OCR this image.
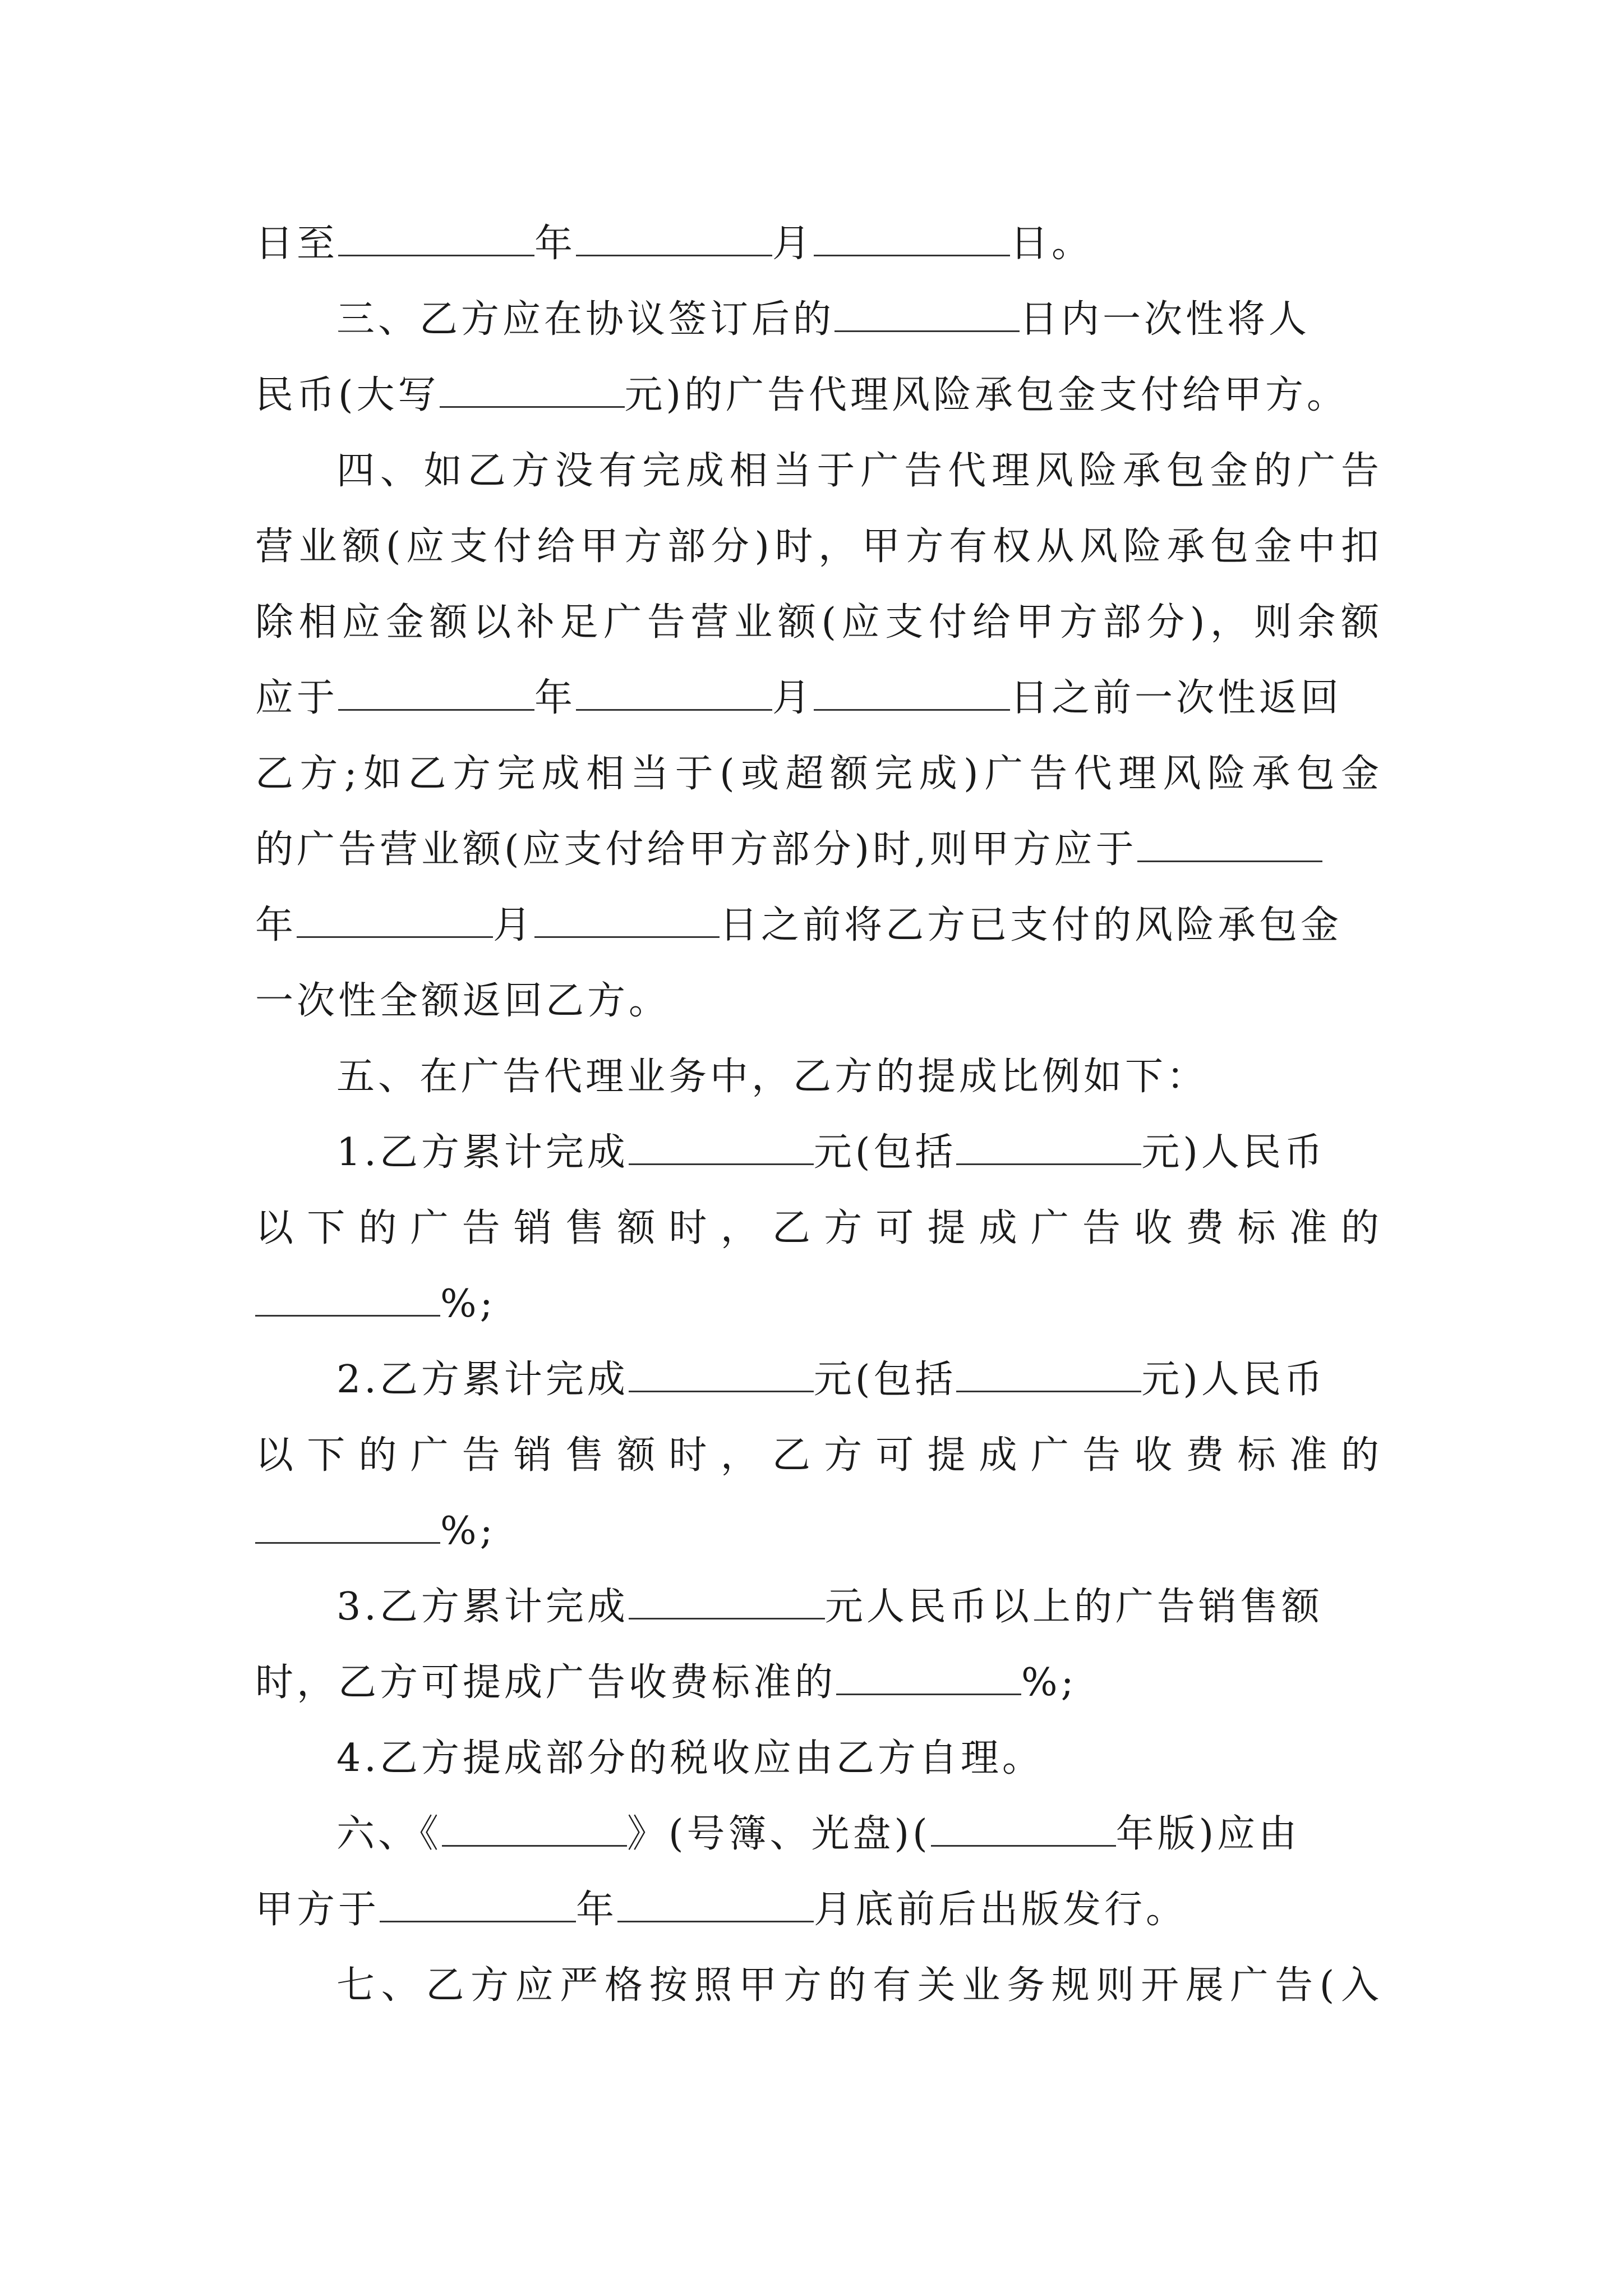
日至	年	月	日。
三、乙方应在协议签订后的	日内一次性将人
民币(大写	元)的广告代理风险承包金支付给甲方。
四、如乙方没有完成相当于广告代理风险承包金的广告
营业额(应支付给甲方部分)时，甲方有权从风险承包金中扣
除相应金额以补足广告营业额(应支付给甲方部分)，则余额
应于	年	月	日之前一次性返回
乙方;如乙方完成相当于(或超额完成)广告代理风险承包金
的广告营业额(应支付给甲方部分)时,则甲方应于
年	月	日之前将乙方已支付的风险承包金
一次性全额返回乙方。
五、在广告代理业务中，乙方的提成比例如下：
1.乙方累计完成	元(包括	元)人民币
以下的广告销售额时，乙方可提成广告收费标准的
%;
2.乙方累计完成	元(包括	元)人民币
以下的广告销售额时，乙方可提成广告收费标准的
%;
3.乙方累计完成	元人民币以上的广告销售额
时，乙方可提成广告收费标准的	%;
4.乙方提成部分的税收应由乙方自理。
六、《	》(号簿、光盘)(	年版)应由
甲方于	年	月底前后出版发行。
七、乙方应严格按照甲方的有关业务规则开展广告(入
